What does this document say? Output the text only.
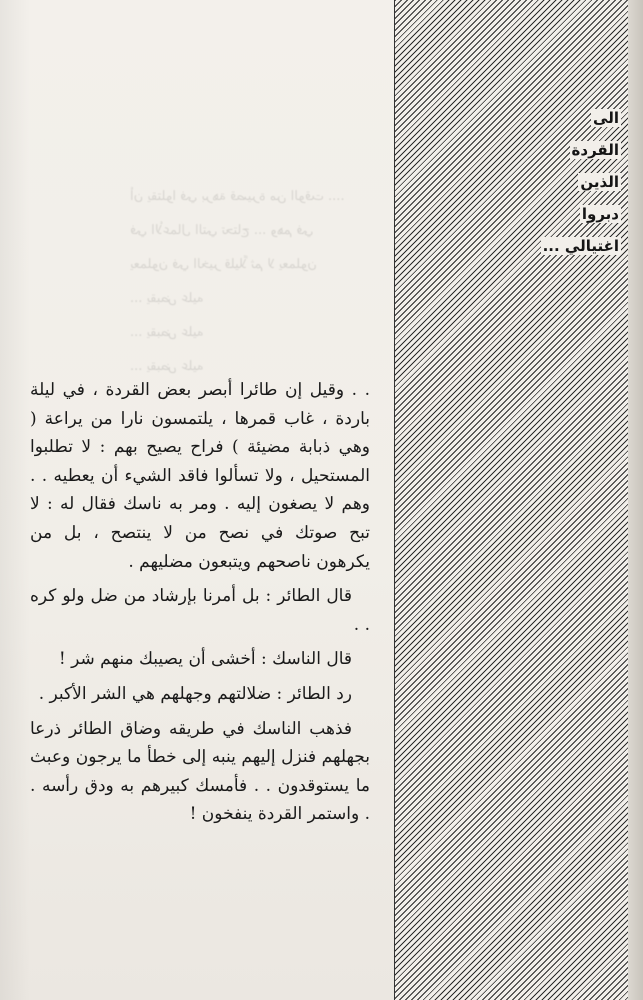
أن يقتلوا في برهة قصيرة من الوقت ....
في الأعمال التي تحتاج ... وهم في
يعملون في الخير قليلاً ثم لا يعملون
... يقبض عليه
... يقبض عليه
... يقبض عليه
الى
القردة
الذين
دبروا
اغتيالي ...

. . وقيل إن طائرا أبصر بعض القردة ، في ليلة باردة ، غاب قمرها ، يلتمسون نارا من يراعة ( وهي ذبابة مضيئة ) فراح يصيح بهم : لا تطلبوا المستحيل ، ولا تسألوا فاقد الشيء أن يعطيه . . وهم لا يصغون إليه . ومر به ناسك فقال له : لا تبح صوتك في نصح من لا ينتصح ، بل من يكرهون ناصحهم ويتبعون مضليهم .

قال الطائر : بل أمرنا بإرشاد من ضل ولو كره . .

قال الناسك : أخشى أن يصيبك منهم شر !

رد الطائر : ضلالتهم وجهلهم هي الشر الأكبر .

فذهب الناسك في طريقه وضاق الطائر ذرعا بجهلهم فنزل إليهم ينبه إلى خطأ ما يرجون وعبث ما يستوقدون . . فأمسك كبيرهم به ودق رأسه . . واستمر القردة ينفخون !
